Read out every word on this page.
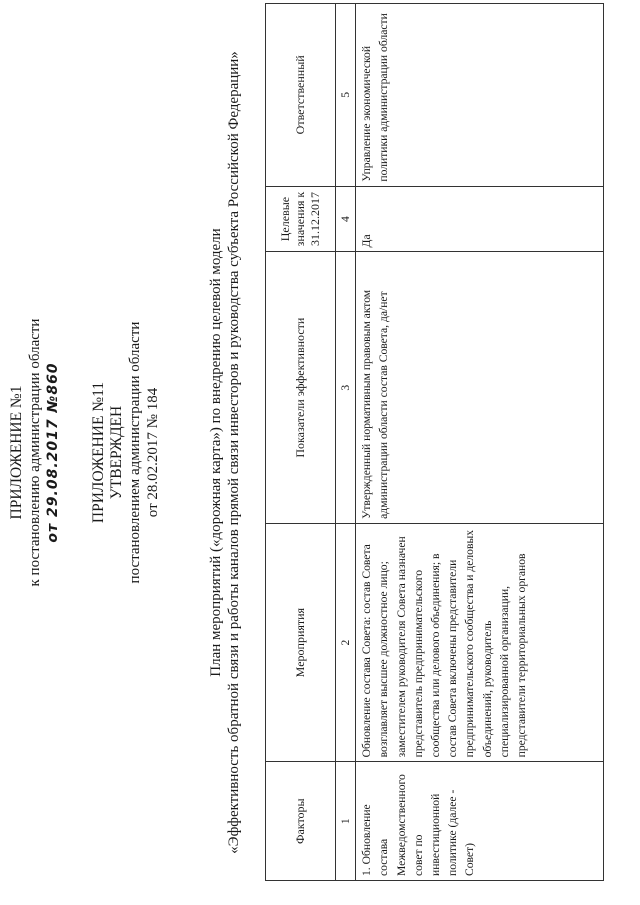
ПРИЛОЖЕНИЕ №1 к постановлению администрации области от 29.08.2017 №860 ПРИЛОЖЕНИЕ №11 УТВЕРЖДЕН постановлением администрации области от 28.02.2017 № 184	План мероприятий («дорожная карта») по внедрению целевой модели «Эффективность обратной связи и работы каналов прямой связи инвесторов и руководства субъекта Российской Федерации»	Факторы	Мероприятия	Показатели эффективности	Целевые значения к 31.12.2017	Ответственный
1	2	3	4	5
1. Обновление состава Межведомственного совет по инвестиционной политике (далее - Совет)	Обновление состава Совета: состав Совета возглавляет высшее должностное лицо; заместителем руководителя Совета назначен представитель предпринимательского сообщества или делового объединения; в состав Совета включены представители предпринимательского сообщества и деловых объединений, руководитель специализированной организации, представители территориальных органов	Утвержденный нормативным правовым актом администрации области состав Совета, да/нет	Да	Управление экономической политики администрации области
